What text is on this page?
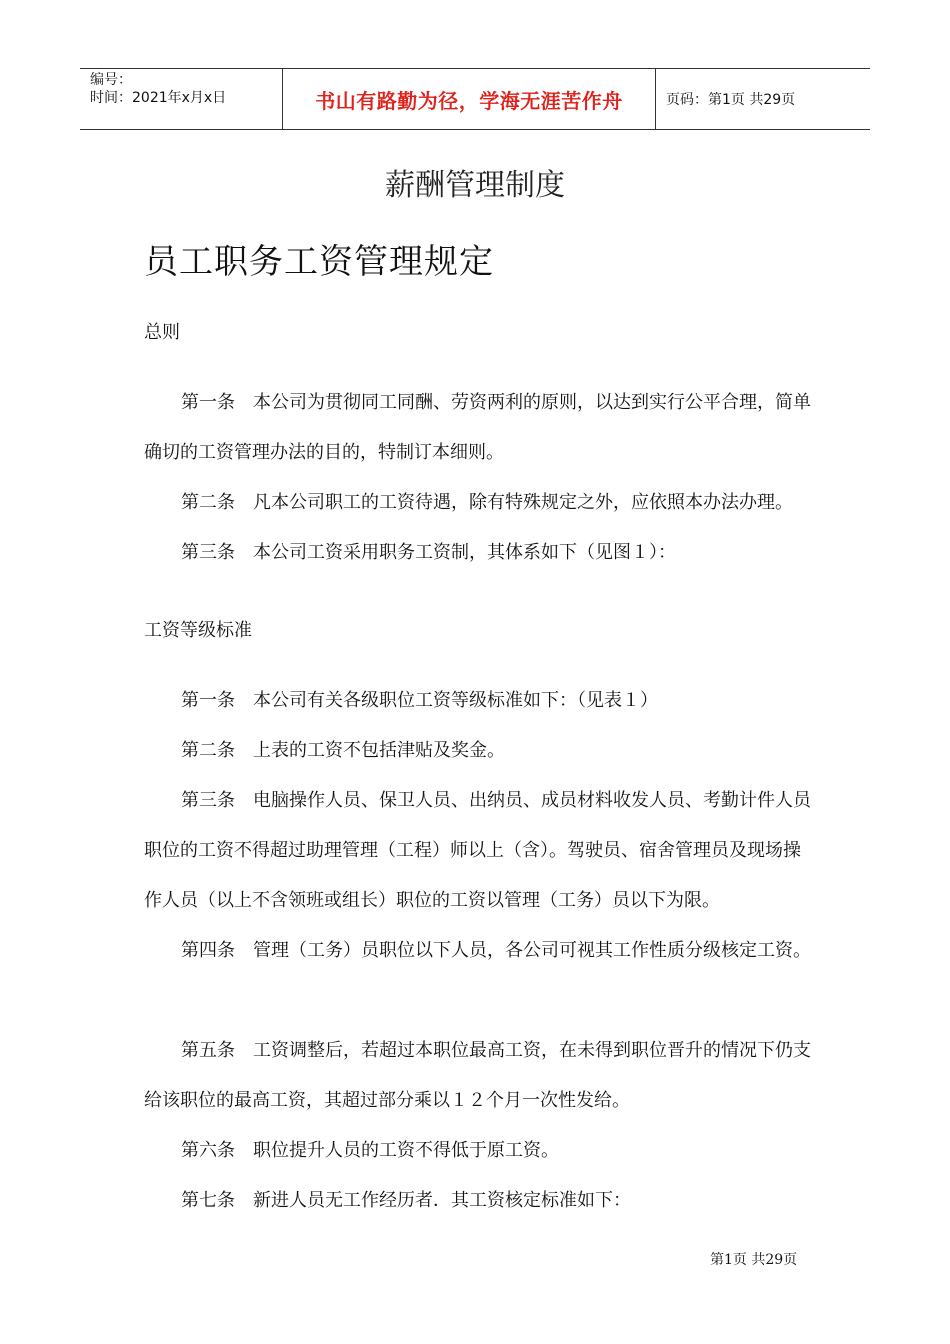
编号：
时间：2021年x月x日	书山有路勤为径，学海无涯苦作舟	页码：第1页 共29页
薪酬管理制度
员工职务工资管理规定
总则

第一条 本公司为贯彻同工同酬、劳资两利的原则，以达到实行公平合理，简单确切的工资管理办法的目的，特制订本细则。

第二条 凡本公司职工的工资待遇，除有特殊规定之外，应依照本办法办理。

第三条 本公司工资采用职务工资制，其体系如下（见图１）：

工资等级标准

第一条 本公司有关各级职位工资等级标准如下：（见表１）

第二条 上表的工资不包括津贴及奖金。

第三条 电脑操作人员、保卫人员、出纳员、成员材料收发人员、考勤计件人员职位的工资不得超过助理管理（工程）师以上（含）。驾驶员、宿舍管理员及现场操作人员（以上不含领班或组长）职位的工资以管理（工务）员以下为限。

第四条 管理（工务）员职位以下人员，各公司可视其工作性质分级核定工资。

第五条 工资调整后，若超过本职位最高工资，在未得到职位晋升的情况下仍支给该职位的最高工资，其超过部分乘以１２个月一次性发给。

第六条 职位提升人员的工资不得低于原工资。

第七条 新进人员无工作经历者．其工资核定标准如下：

第1页 共29页
